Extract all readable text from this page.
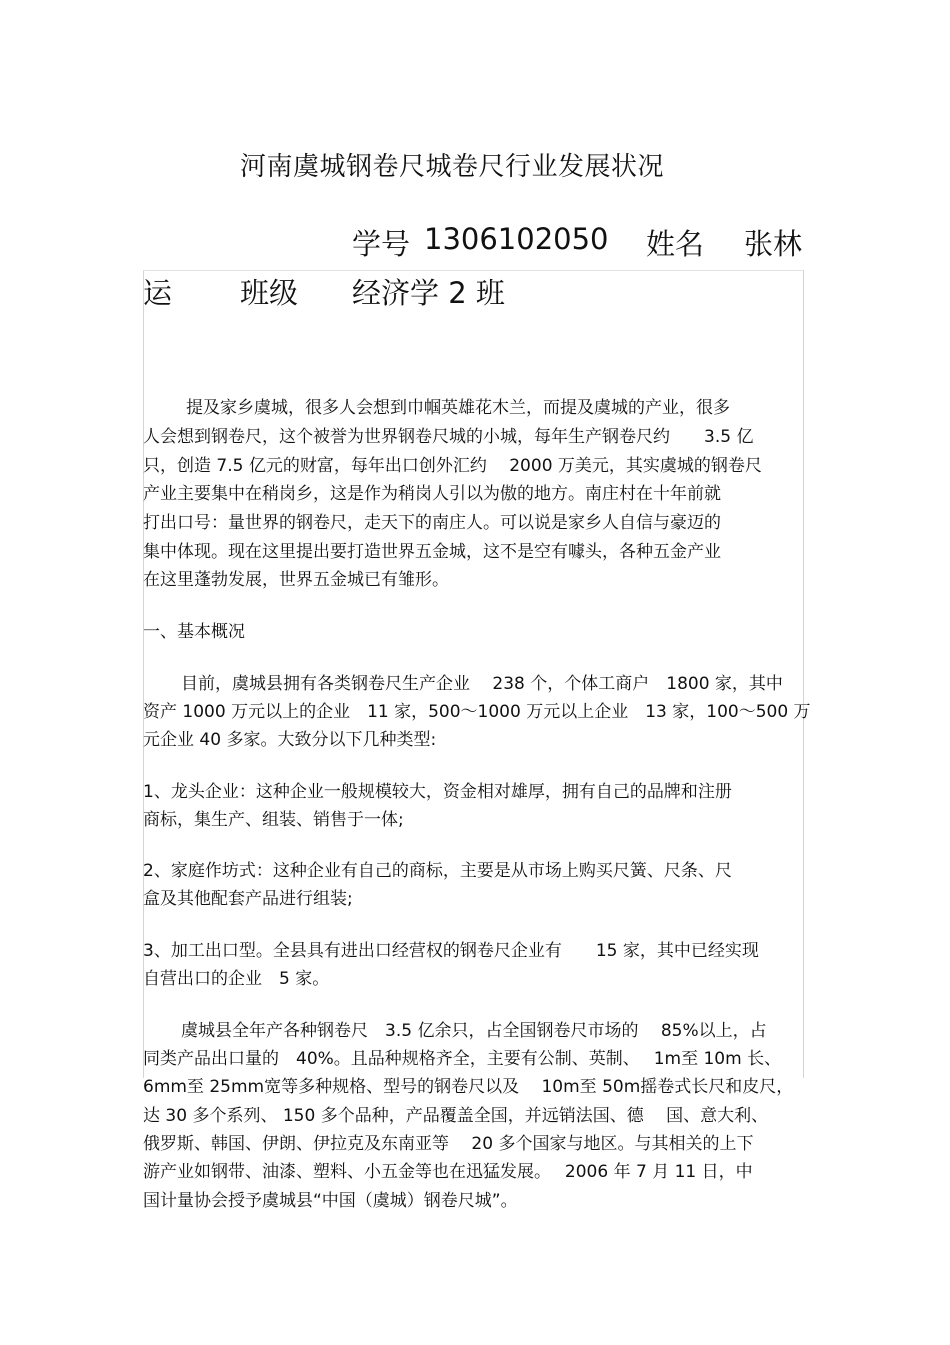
河南虞城钢卷尺城卷尺行业发展状况
学号 1306102050 姓名 张林
运 班级 经济学 2 班
提及家乡虞城，很多人会想到巾帼英雄花木兰，而提及虞城的产业，很多
人会想到钢卷尺，这个被誉为世界钢卷尺城的小城，每年生产钢卷尺约　　3.5 亿
只，创造 7.5 亿元的财富，每年出口创外汇约　 2000 万美元，其实虞城的钢卷尺
产业主要集中在稍岗乡，这是作为稍岗人引以为傲的地方。南庄村在十年前就
打出口号：量世界的钢卷尺，走天下的南庄人。可以说是家乡人自信与豪迈的
集中体现。现在这里提出要打造世界五金城，这不是空有噱头，各种五金产业
在这里蓬勃发展，世界五金城已有雏形。
一、基本概况
目前，虞城县拥有各类钢卷尺生产企业　 238 个，个体工商户　1800 家，其中
资产 1000 万元以上的企业　11 家，500～1000 万元以上企业　13 家，100～500 万
元企业 40 多家。大致分以下几种类型:
1、龙头企业：这种企业一般规模较大，资金相对雄厚，拥有自己的品牌和注册
商标，集生产、组装、销售于一体;
2、家庭作坊式：这种企业有自己的商标，主要是从市场上购买尺簧、尺条、尺
盒及其他配套产品进行组装;
3、加工出口型。全县具有进出口经营权的钢卷尺企业有　　15 家，其中已经实现
自营出口的企业　5 家。
虞城县全年产各种钢卷尺　3.5 亿余只，占全国钢卷尺市场的　 85%以上，占
同类产品出口量的　40%。且品种规格齐全，主要有公制、英制、　 1m至 10m 长、
6mm至 25mm宽等多种规格、型号的钢卷尺以及　 10m至 50m摇卷式长尺和皮尺，
达 30 多个系列、 150 多个品种，产品覆盖全国，并远销法国、德　 国、意大利、
俄罗斯、韩国、伊朗、伊拉克及东南亚等　 20 多个国家与地区。与其相关的上下
游产业如钢带、油漆、塑料、小五金等也在迅猛发展。　 2006 年 7 月 11 日，中
国计量协会授予虞城县“中国（虞城）钢卷尺城”。
